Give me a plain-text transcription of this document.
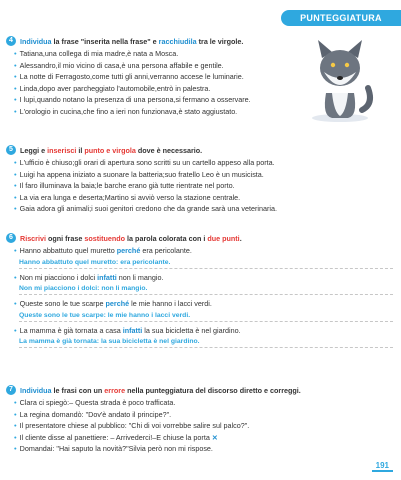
PUNTEGGIATURA
4 Individua la frase "inserita nella frase" e racchiudila tra le virgole.
• Tatiana,una collega di mia madre,è nata a Mosca.
• Alessandro,il mio vicino di casa,è una persona affabile e gentile.
• La notte di Ferragosto,come tutti gli anni,verranno accese le luminarie.
• Linda,dopo aver parcheggiato l'automobile,entrò in palestra.
• I lupi,quando notano la presenza di una persona,si fermano a osservare.
• L'orologio in cucina,che fino a ieri non funzionava,è stato aggiustato.
5 Leggi e inserisci il punto e virgola dove è necessario.
• L'ufficio è chiuso;gli orari di apertura sono scritti su un cartello appeso alla porta.
• Luigi ha appena iniziato a suonare la batteria;suo fratello Leo è un musicista.
• Il faro illuminava la baia;le barche erano già tutte rientrate nel porto.
• La via era lunga e deserta;Martino si avviò verso la stazione centrale.
• Gaia adora gli animali;i suoi genitori credono che da grande sarà una veterinaria.
6 Riscrivi ogni frase sostituendo la parola colorata con i due punti.
• Hanno abbattuto quel muretto perché era pericolante.
Hanno abbattuto quel muretto: era pericolante.
• Non mi piacciono i dolci infatti non li mangio.
Non mi piacciono i dolci: non li mangio.
• Queste sono le tue scarpe perché le mie hanno i lacci verdi.
Queste sono le tue scarpe: le mie hanno i lacci verdi.
• La mamma è già tornata a casa infatti la sua bicicletta è nel giardino.
La mamma è già tornata: la sua bicicletta è nel giardino.
7 Individua le frasi con un errore nella punteggiatura del discorso diretto e correggi.
• Clara ci spiegò:– Questa strada è poco trafficata.
• La regina domandò: "Dov'è andato il principe?".
• Il presentatore chiese al pubblico: "Chi di voi vorrebbe salire sul palco?".
• Il cliente disse al panettiere: – Arrivederci!–E chiuse la porta ✕
• Domandai: "Hai saputo la novità?"Silvia però non mi rispose.
191
